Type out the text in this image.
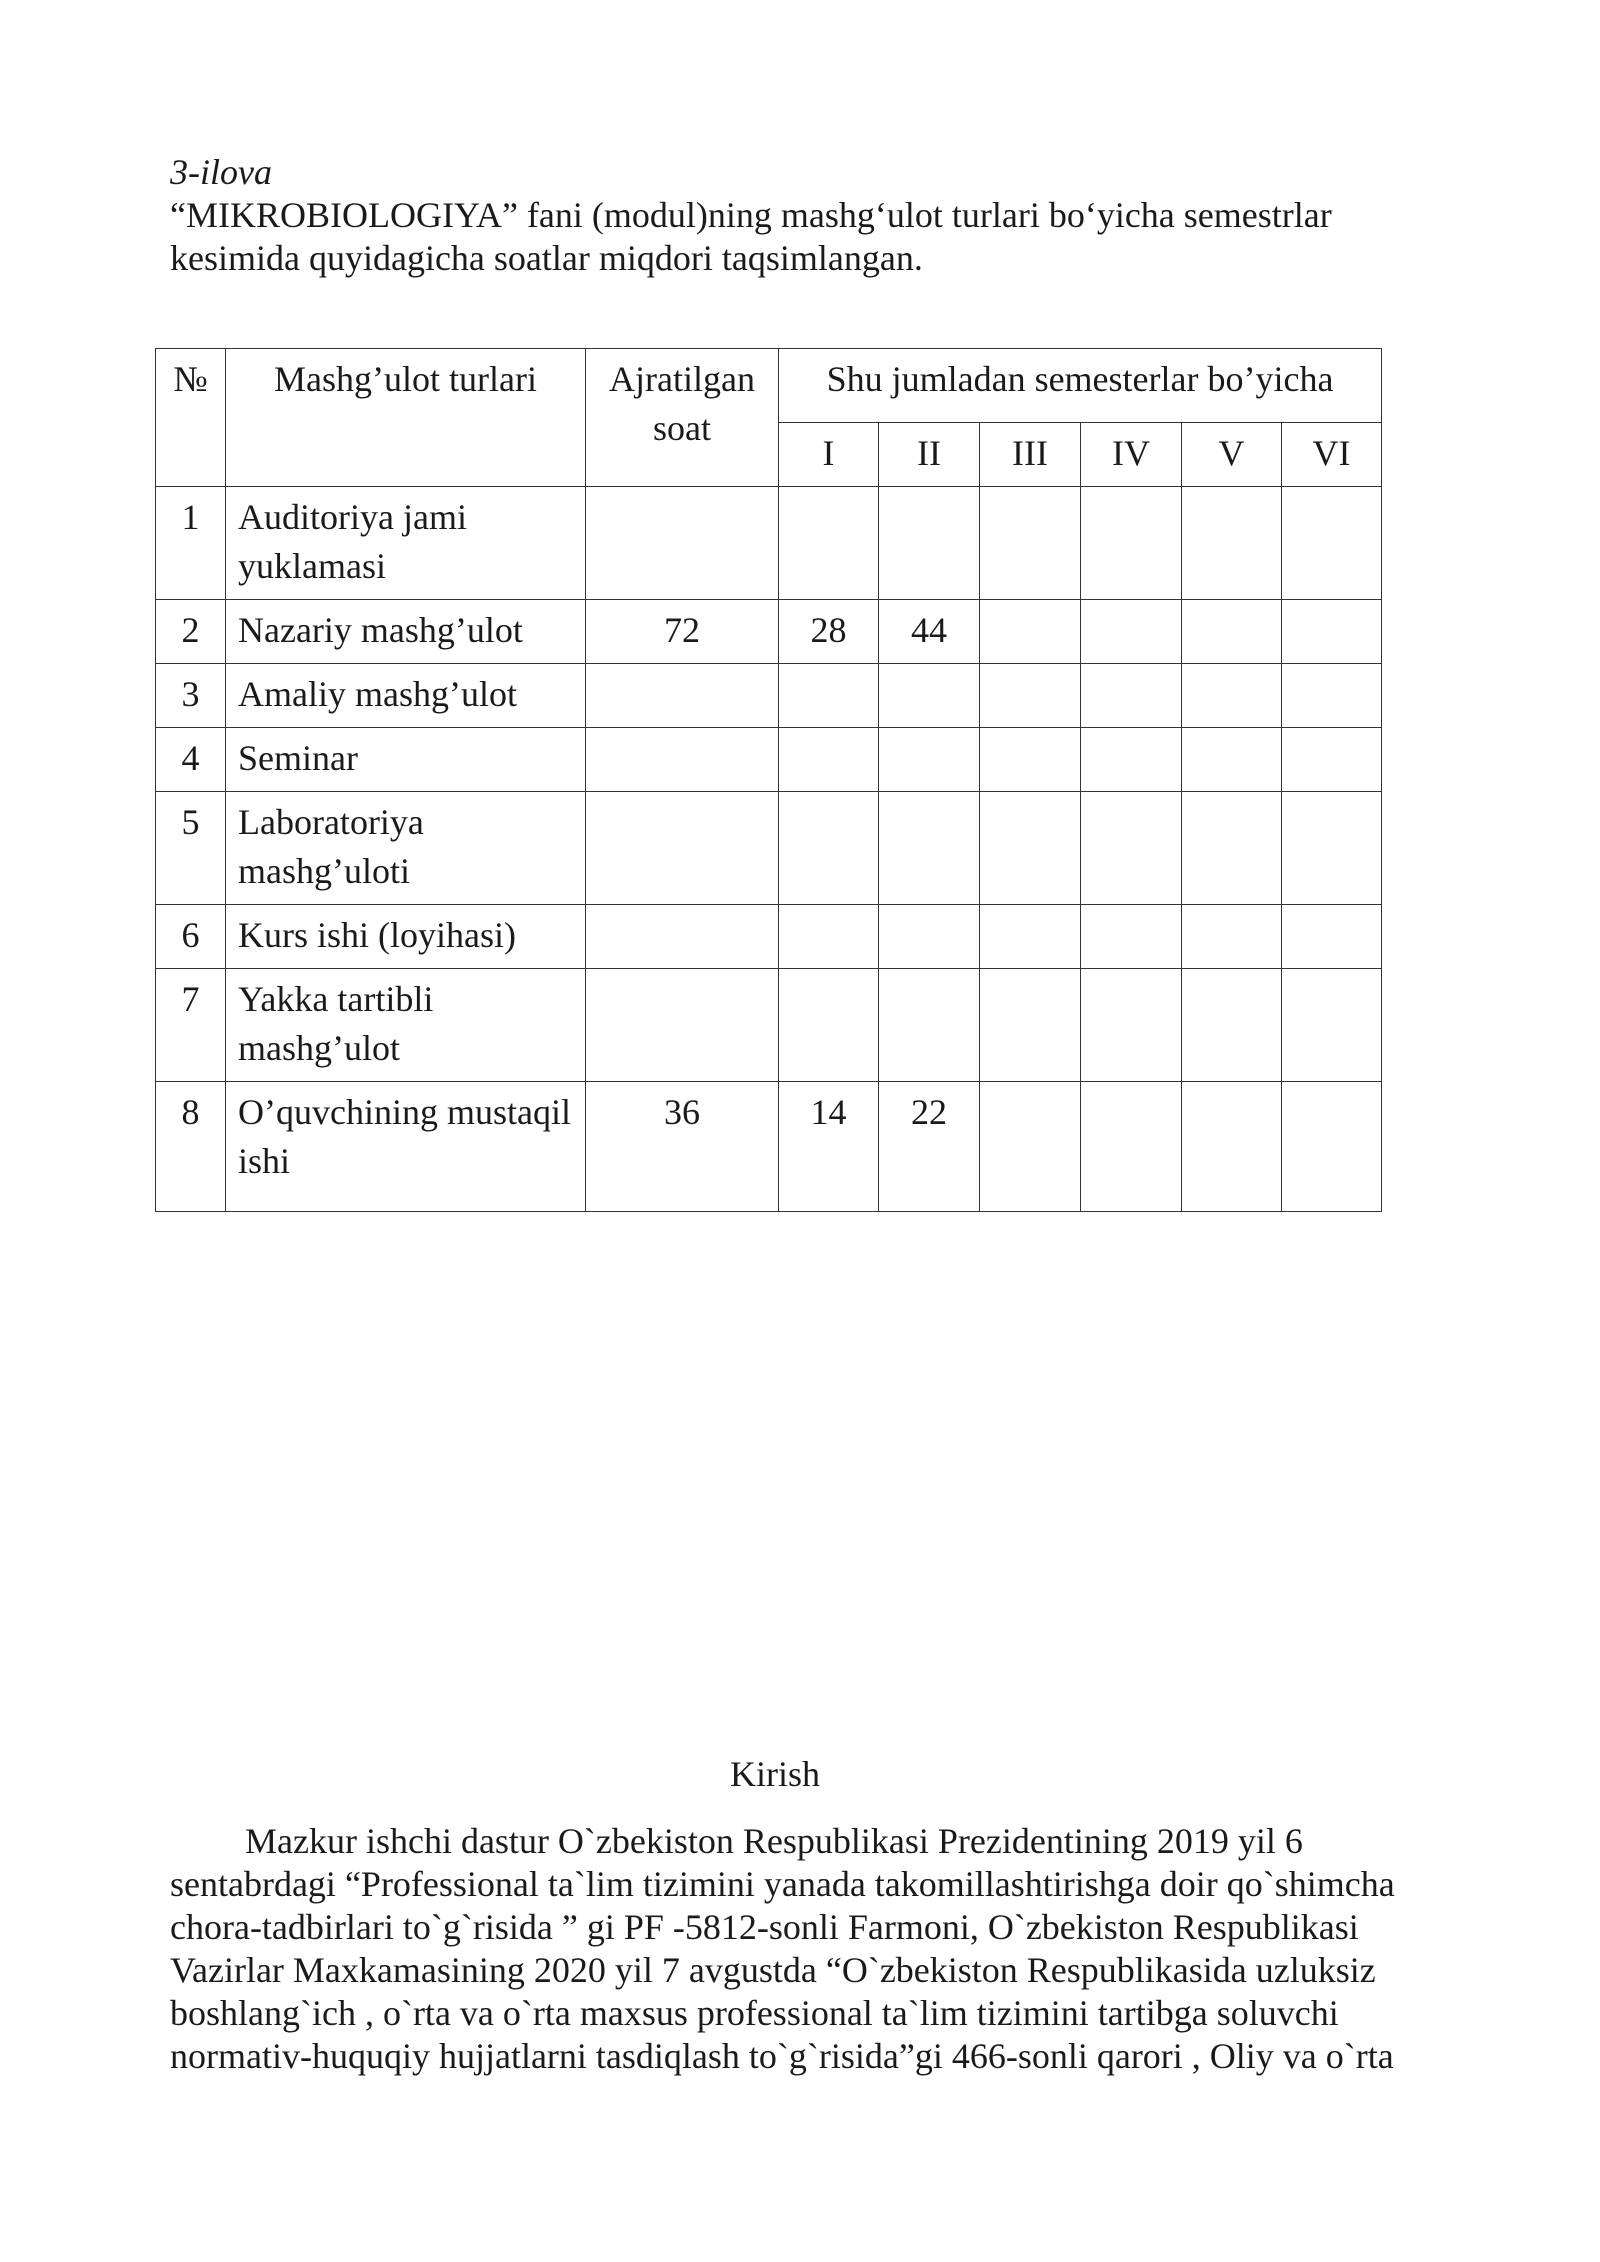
3-ilova

“MIKROBIOLOGIYA” fani (modul)ning mashg‘ulot turlari bo‘yicha semestrlar

kesimida quyidagicha soatlar miqdori taqsimlangan.

№	Mashg’ulot turlari	Ajratilgan soat	Shu jumladan semesterlar bo’yicha					
			I	II	III	IV	V	VI
1	Auditoriya jami yuklamasi							
2	Nazariy mashg’ulot	72	28	44				
3	Amaliy mashg’ulot							
4	Seminar							
5	Laboratoriya mashg’uloti							
6	Kurs ishi (loyihasi)							
7	Yakka tartibli mashg’ulot							
8	O’quvchining mustaqil ishi	36	14	22				
Kirish

Mazkur ishchi dastur O`zbekiston Respublikasi Prezidentining 2019 yil 6 sentabrdagi “Professional ta`lim tizimini yanada takomillashtirishga doir qo`shimcha chora-tadbirlari to`g`risida ” gi PF -5812-sonli Farmoni, O`zbekiston Respublikasi Vazirlar Maxkamasining 2020 yil 7 avgustda “O`zbekiston Respublikasida uzluksiz boshlang`ich , o`rta va o`rta maxsus professional ta`lim tizimini tartibga soluvchi normativ-huquqiy hujjatlarni tasdiqlash to`g`risida”gi 466-sonli qarori , Oliy va o`rta
